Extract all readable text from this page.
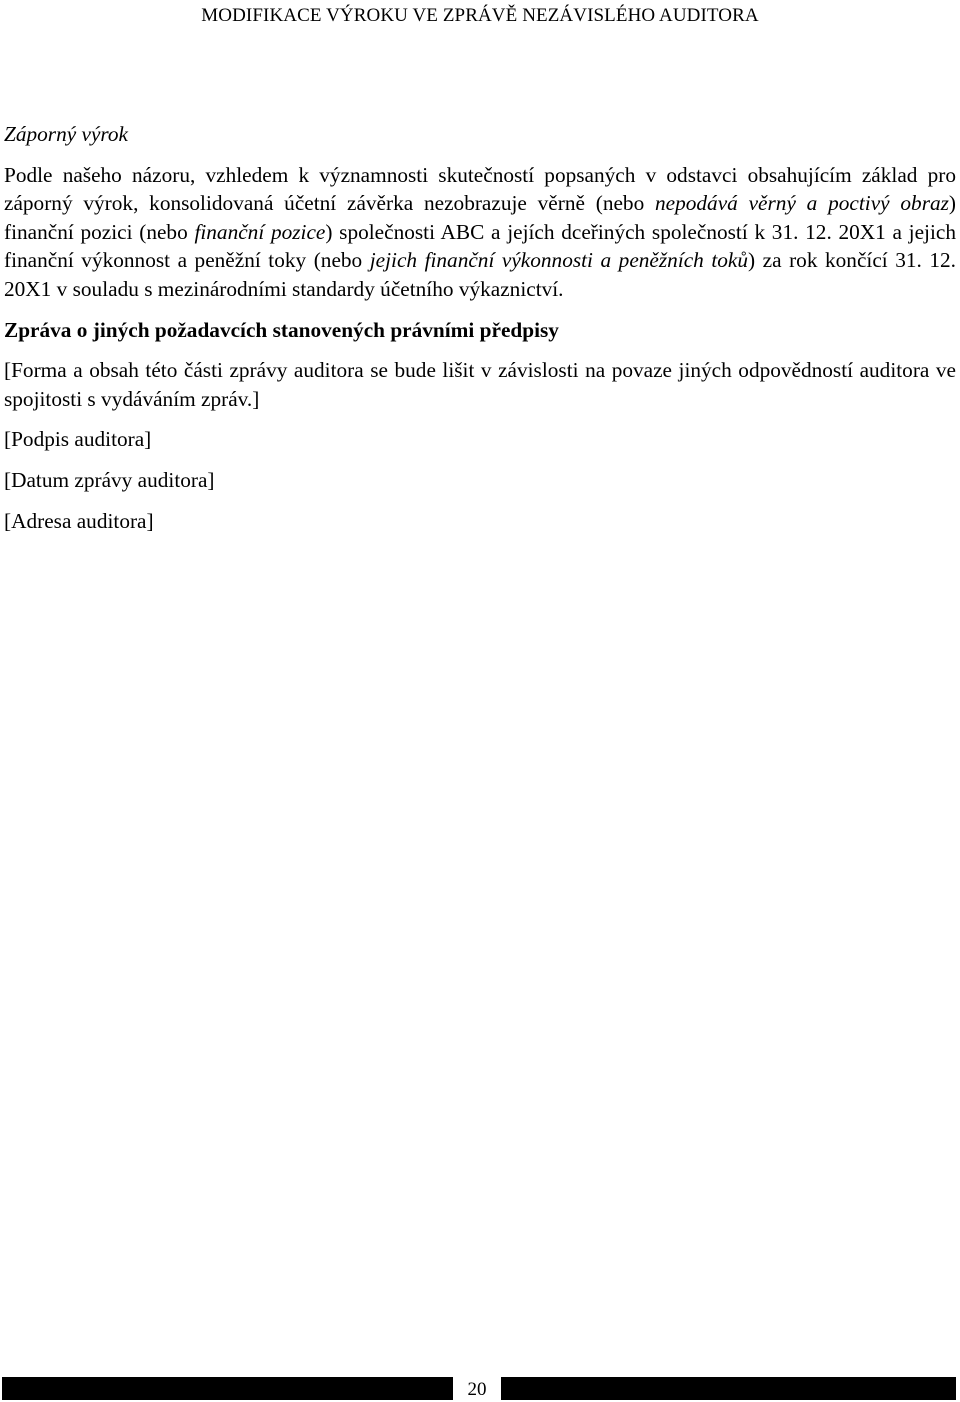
MODIFIKACE VÝROKU VE ZPRÁVĚ NEZÁVISLÉHO AUDITORA
Záporný výrok

Podle našeho názoru, vzhledem k významnosti skutečností popsaných v odstavci obsahujícím základ pro záporný výrok, konsolidovaná účetní závěrka nezobrazuje věrně (nebo nepodává věrný a poctivý obraz) finanční pozici (nebo finanční pozice) společnosti ABC a jejích dceřiných společností k 31. 12. 20X1 a jejich finanční výkonnost a peněžní toky (nebo jejich finanční výkonnosti a peněžních toků) za rok končící 31. 12. 20X1 v souladu s mezinárodními standardy účetního výkaznictví.

Zpráva o jiných požadavcích stanovených právními předpisy

[Forma a obsah této části zprávy auditora se bude lišit v závislosti na povaze jiných odpovědností auditora ve spojitosti s vydáváním zpráv.]

[Podpis auditora]
[Datum zprávy auditora]
[Adresa auditora]
20
